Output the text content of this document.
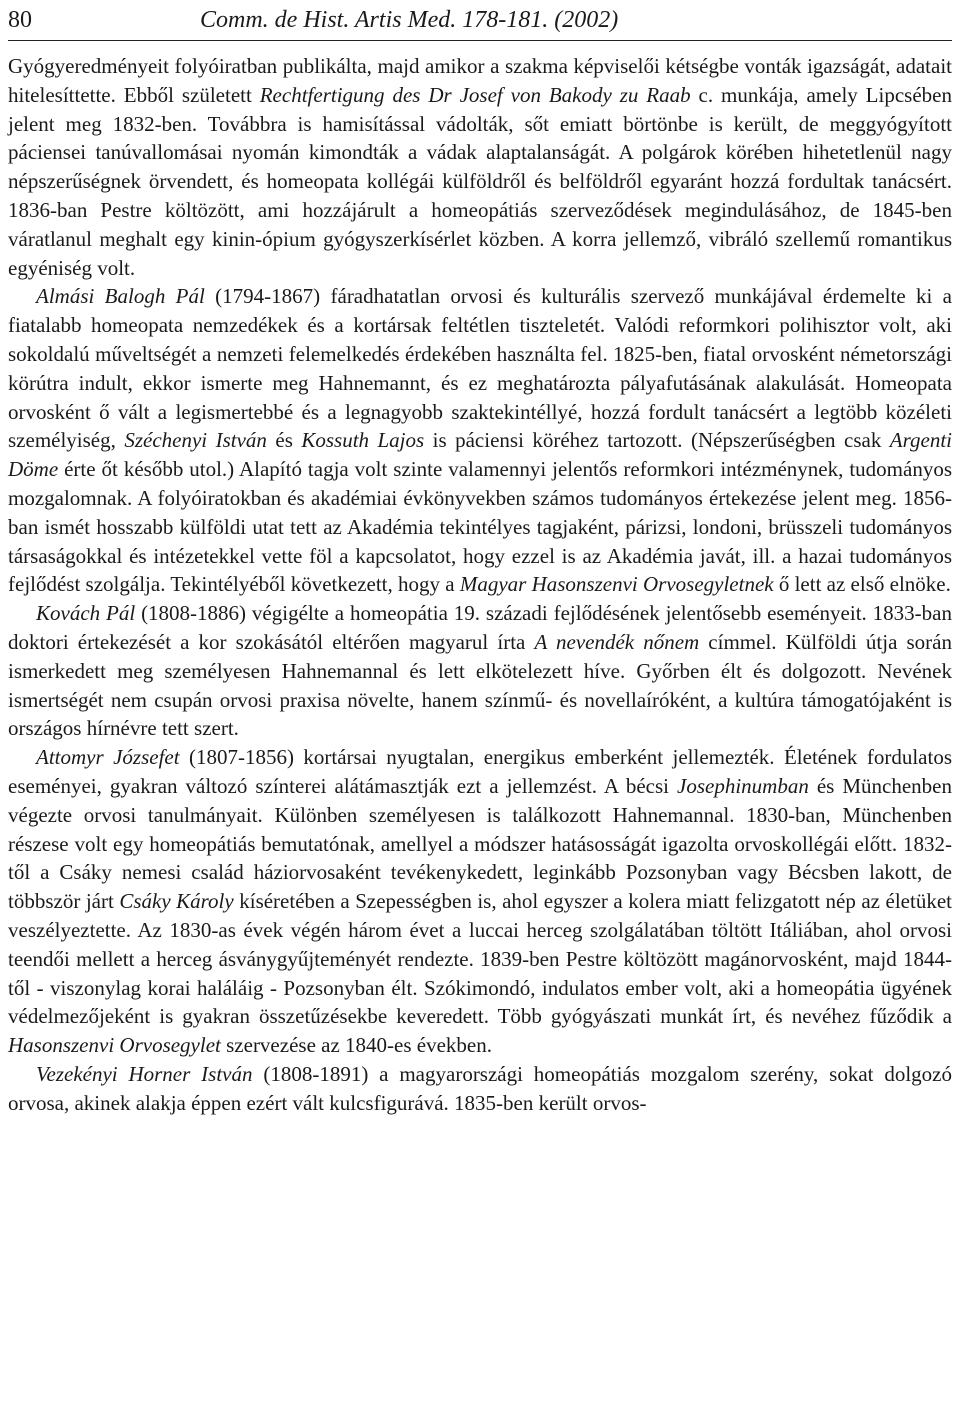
80	Comm. de Hist. Artis Med. 178-181. (2002)

Gyógyeredményeit folyóiratban publikálta, majd amikor a szakma képviselői kétségbe vonták igazságát, adatait hitelesíttette. Ebből született Rechtfertigung des Dr Josef von Bakody zu Raab c. munkája, amely Lipcsében jelent meg 1832-ben. Továbbra is hamisítással vádolták, sőt emiatt börtönbe is került, de meggyógyított páciensei tanúvallomásai nyomán kimondták a vádak alaptalanságát. A polgárok körében hihetetlenül nagy népszerűségnek örvendett, és homeopata kollégái külföldről és belföldről egyaránt hozzá fordultak tanácsért. 1836-ban Pestre költözött, ami hozzájárult a homeopátiás szerveződések megindulásához, de 1845-ben váratlanul meghalt egy kinin-ópium gyógyszerkísérlet közben. A korra jellemző, vibráló szellemű romantikus egyéniség volt.

Almási Balogh Pál (1794-1867) fáradhatatlan orvosi és kulturális szervező munkájával érdemelte ki a fiatalabb homeopata nemzedékek és a kortársak feltétlen tiszteletét. Valódi reformkori polihisztor volt, aki sokoldalú műveltségét a nemzeti felemelkedés érdekében használta fel. 1825-ben, fiatal orvosként németországi körútra indult, ekkor ismerte meg Hahnemannt, és ez meghatározta pályafutásának alakulását. Homeopata orvosként ő vált a legismertebbé és a legnagyobb szaktekintéllyé, hozzá fordult tanácsért a legtöbb közéleti személyiség, Széchenyi István és Kossuth Lajos is páciensi köréhez tartozott. (Népszerűségben csak Argenti Döme érte őt később utol.) Alapító tagja volt szinte valamennyi jelentős reformkori intézménynek, tudományos mozgalomnak. A folyóiratokban és akadémiai évkönyvekben számos tudományos értekezése jelent meg. 1856-ban ismét hosszabb külföldi utat tett az Akadémia tekintélyes tagjaként, párizsi, londoni, brüsszeli tudományos társaságokkal és intézetekkel vette föl a kapcsolatot, hogy ezzel is az Akadémia javát, ill. a hazai tudományos fejlődést szolgálja. Tekintélyéből következett, hogy a Magyar Hasonszenvi Orvosegyletnek ő lett az első elnöke.

Kovách Pál (1808-1886) végigélte a homeopátia 19. századi fejlődésének jelentősebb eseményeit. 1833-ban doktori értekezését a kor szokásától eltérően magyarul írta A nevendék nőnem címmel. Külföldi útja során ismerkedett meg személyesen Hahnemannal és lett elkötelezett híve. Győrben élt és dolgozott. Nevének ismertségét nem csupán orvosi praxisa növelte, hanem színmű- és novellaíróként, a kultúra támogatójaként is országos hírnévre tett szert.

Attomyr Józsefet (1807-1856) kortársai nyugtalan, energikus emberként jellemezték. Életének fordulatos eseményei, gyakran változó színterei alátámasztják ezt a jellemzést. A bécsi Josephinumban és Münchenben végezte orvosi tanulmányait. Különben személyesen is találkozott Hahnemannal. 1830-ban, Münchenben részese volt egy homeopátiás bemutatónak, amellyel a módszer hatásosságát igazolta orvoskollégái előtt. 1832-től a Csáky nemesi család háziorvosaként tevékenykedett, leginkább Pozsonyban vagy Bécsben lakott, de többször járt Csáky Károly kíséretében a Szepességben is, ahol egyszer a kolera miatt felizgatott nép az életüket veszélyeztette. Az 1830-as évek végén három évet a luccai herceg szolgálatában töltött Itáliában, ahol orvosi teendői mellett a herceg ásványgyűjteményét rendezte. 1839-ben Pestre költözött magánorvosként, majd 1844-től - viszonylag korai haláláig - Pozsonyban élt. Szókimondó, indulatos ember volt, aki a homeopátia ügyének védelmezőjeként is gyakran összetűzésekbe keveredett. Több gyógyászati munkát írt, és nevéhez fűződik a Hasonszenvi Orvosegylet szervezése az 1840-es években.

Vezekényi Horner István (1808-1891) a magyarországi homeopátiás mozgalom szerény, sokat dolgozó orvosa, akinek alakja éppen ezért vált kulcsfigurává. 1835-ben került orvos-
